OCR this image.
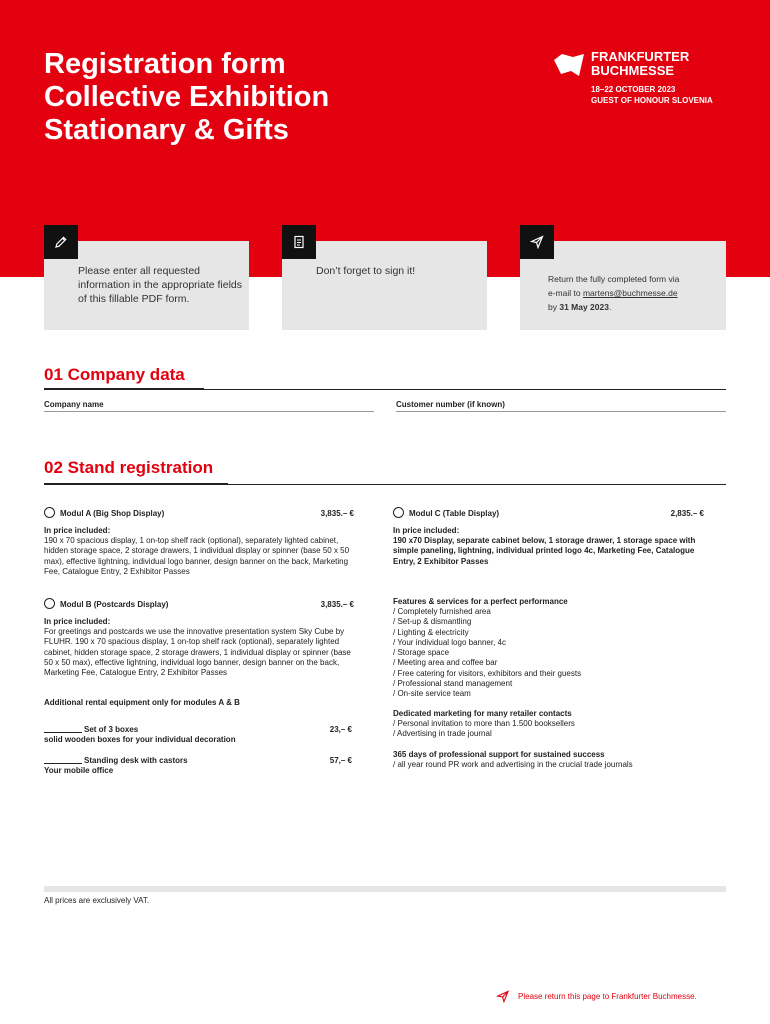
Registration form
Collective Exhibition
Stationary & Gifts
FRANKFURTER
BUCHMESSE
18–22 OCTOBER 2023
GUEST OF HONOUR SLOVENIA
Please enter all requested information in the appropriate fields of this fillable PDF form.
Don’t forget to sign it!
Return the fully completed form via
e-mail to martens@buchmesse.de
by 31 May 2023.
01 Company data
Company name	Customer number (if known)
02 Stand registration
Modul A (Big Shop Display)	3,835.– €
In price included:
190 x 70 spacious display, 1 on-top shelf rack (optional), separately lighted cabinet, hidden storage space, 2 storage drawers, 1 individual display or spinner (base 50 x 50 max), effective lightning, individual logo banner, design banner on the back, Marketing Fee, Catalogue Entry, 2 Exhibitor Passes
Modul B (Postcards Display)	3,835.– €
In price included:
For greetings and postcards we use the innovative presentation system Sky Cube by FLUHR. 190 x 70 spacious display, 1 on-top shelf rack (optional), separately lighted cabinet, hidden storage space, 2 storage drawers, 1 individual display or spinner (base 50 x 50 max), effective lightning, individual logo banner, design banner on the back, Marketing Fee, Catalogue Entry, 2 Exhibitor Passes
Additional rental equipment only for modules A & B
Set of 3 boxes	23,– €
solid wooden boxes for your individual decoration
Standing desk with castors	57,– €
Your mobile office
Modul C (Table Display)	2,835.– €
In price included:
190 x70 Display, separate cabinet below, 1 storage drawer, 1 storage space with simple paneling, lightning, individual printed logo 4c, Marketing Fee, Catalogue Entry, 2 Exhibitor Passes
Features & services for a perfect performance
/ Completely furnished area
/ Set-up & dismantling
/ Lighting & electricity
/ Your individual logo banner, 4c
/ Storage space
/ Meeting area and coffee bar
/ Free catering for visitors, exhibitors and their guests
/ Professional stand management
/ On-site service team
Dedicated marketing for many retailer contacts
/ Personal invitation to more than 1.500 booksellers
/ Advertising in trade journal
365 days of professional support for sustained success
/ all year round PR work and advertising in the crucial trade journals
All prices are exclusively VAT.
Please return this page to Frankfurter Buchmesse.
